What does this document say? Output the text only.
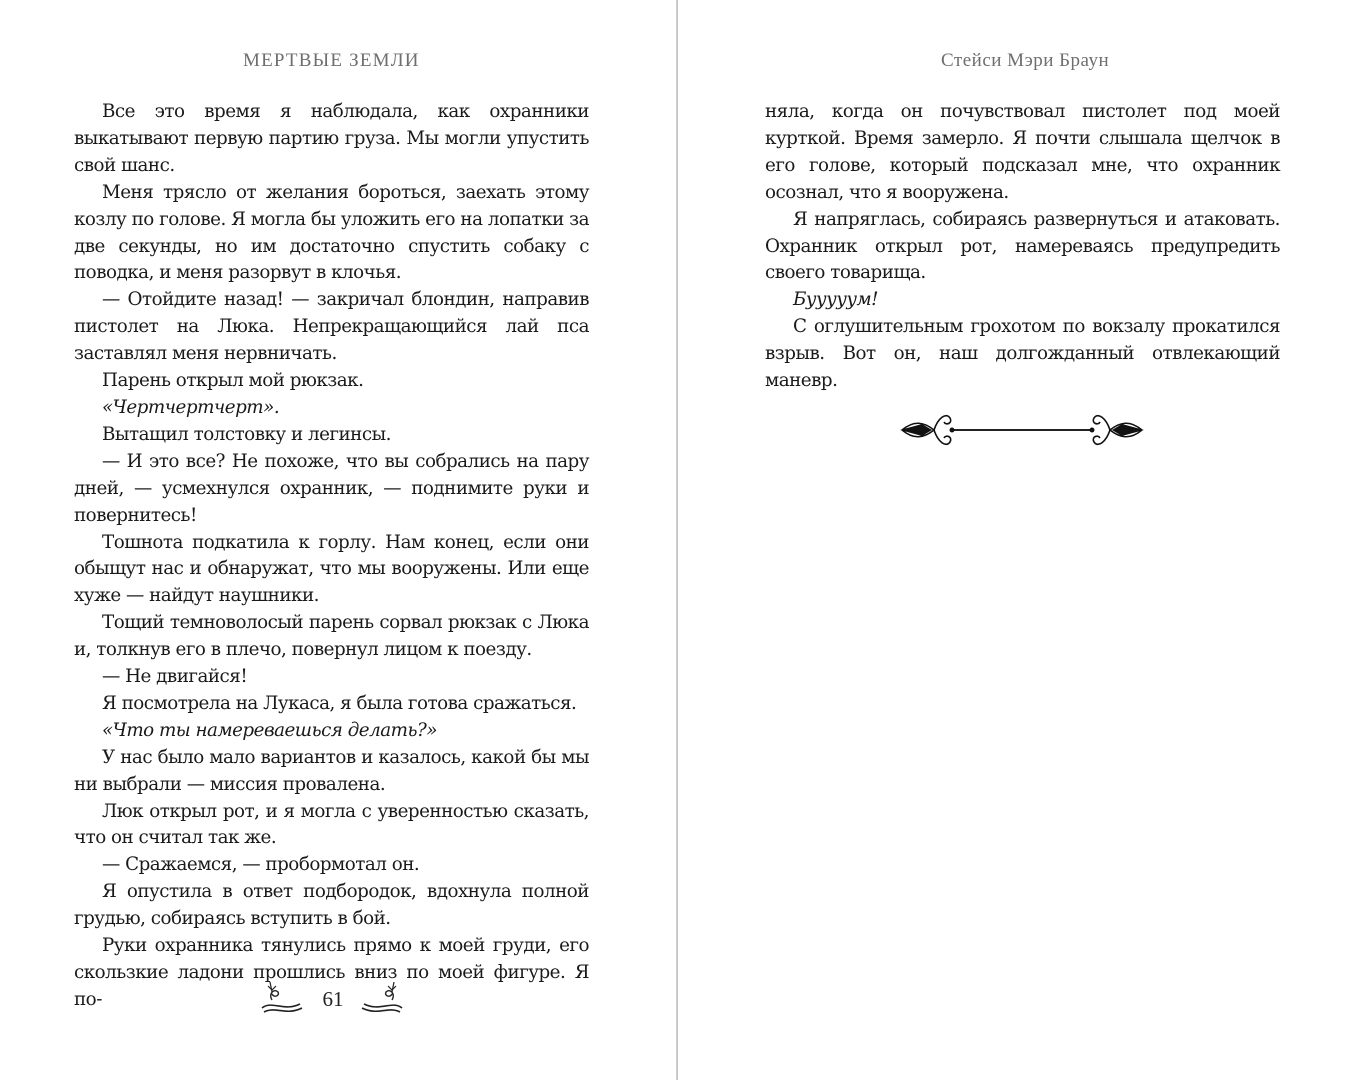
МЕРТВЫЕ ЗЕМЛИ

Все это время я наблюдала, как охранники выкатывают первую партию груза. Мы могли упустить свой шанс.

Меня трясло от желания бороться, заехать этому козлу по голове. Я могла бы уложить его на лопатки за две секунды, но им достаточно спустить собаку с поводка, и меня разорвут в клочья.

— Отойдите назад! — закричал блондин, направив пистолет на Люка. Непрекращающийся лай пса заставлял меня нервничать.

Парень открыл мой рюкзак.

«Чертчертчерт».

Вытащил толстовку и легинсы.

— И это все? Не похоже, что вы собрались на пару дней, — усмехнулся охранник, — поднимите руки и повернитесь!

Тошнота подкатила к горлу. Нам конец, если они обыщут нас и обнаружат, что мы вооружены. Или еще хуже — найдут наушники.

Тощий темноволосый парень сорвал рюкзак с Люка и, толкнув его в плечо, повернул лицом к поезду.

— Не двигайся!

Я посмотрела на Лукаса, я была готова сражаться.

«Что ты намереваешься делать?»

У нас было мало вариантов и казалось, какой бы мы ни выбрали — миссия провалена.

Люк открыл рот, и я могла с уверенностью сказать, что он считал так же.

— Сражаемся, — пробормотал он.

Я опустила в ответ подбородок, вдохнула полной грудью, собираясь вступить в бой.

Руки охранника тянулись прямо к моей груди, его скользкие ладони прошлись вниз по моей фигуре. Я по-	61
Стейси Мэри Браун

няла, когда он почувствовал пистолет под моей курткой. Время замерло. Я почти слышала щелчок в его голове, который подсказал мне, что охранник осознал, что я вооружена.

Я напряглась, собираясь развернуться и атаковать. Охранник открыл рот, намереваясь предупредить своего товарища.

Бууууум!

С оглушительным грохотом по вокзалу прокатился взрыв. Вот он, наш долгожданный отвлекающий маневр.
